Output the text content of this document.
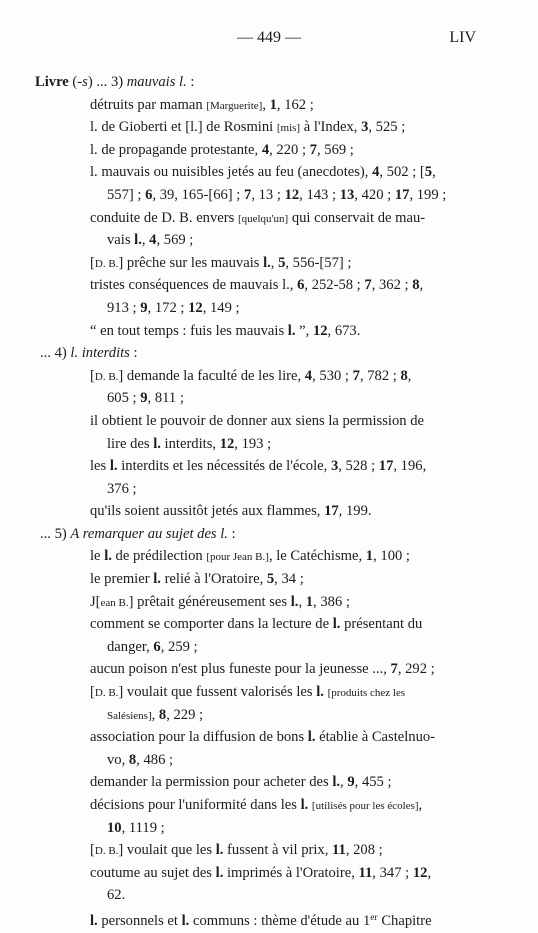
— 449 —	LIV
Livre (-s) ... 3) mauvais l. :
détruits par maman [Marguerite], 1, 162 ;
l. de Gioberti et [l.] de Rosmini [mis] à l'Index, 3, 525 ;
l. de propagande protestante, 4, 220 ; 7, 569 ;
l. mauvais ou nuisibles jetés au feu (anecdotes), 4, 502 ; [5,
557] ; 6, 39, 165-[66] ; 7, 13 ; 12, 143 ; 13, 420 ; 17, 199 ;
conduite de D. B. envers [quelqu'un] qui conservait de mau-
vais l., 4, 569 ;
[D. B.] prêche sur les mauvais l., 5, 556-[57] ;
tristes conséquences de mauvais l., 6, 252-58 ; 7, 362 ; 8,
913 ; 9, 172 ; 12, 149 ;
“ en tout temps : fuis les mauvais l. ”, 12, 673.
... 4) l. interdits :
[D. B.] demande la faculté de les lire, 4, 530 ; 7, 782 ; 8,
605 ; 9, 811 ;
il obtient le pouvoir de donner aux siens la permission de
lire des l. interdits, 12, 193 ;
les l. interdits et les nécessités de l'école, 3, 528 ; 17, 196,
376 ;
qu'ils soient aussitôt jetés aux flammes, 17, 199.
... 5) A remarquer au sujet des l. :
le l. de prédilection [pour Jean B.], le Catéchisme, 1, 100 ;
le premier l. relié à l'Oratoire, 5, 34 ;
J[ean B.] prêtait généreusement ses l., 1, 386 ;
comment se comporter dans la lecture de l. présentant du
danger, 6, 259 ;
aucun poison n'est plus funeste pour la jeunesse ..., 7, 292 ;
[D. B.] voulait que fussent valorisés les l. [produits chez les
Salésiens], 8, 229 ;
association pour la diffusion de bons l. établie à Castelnuo-
vo, 8, 486 ;
demander la permission pour acheter des l., 9, 455 ;
décisions pour l'uniformité dans les l. [utilisés pour les écoles],
10, 1119 ;
[D. B.] voulait que les l. fussent à vil prix, 11, 208 ;
coutume au sujet des l. imprimés à l'Oratoire, 11, 347 ; 12,
62.
l. personnels et l. communs : thème d'étude au 1er Chapitre
